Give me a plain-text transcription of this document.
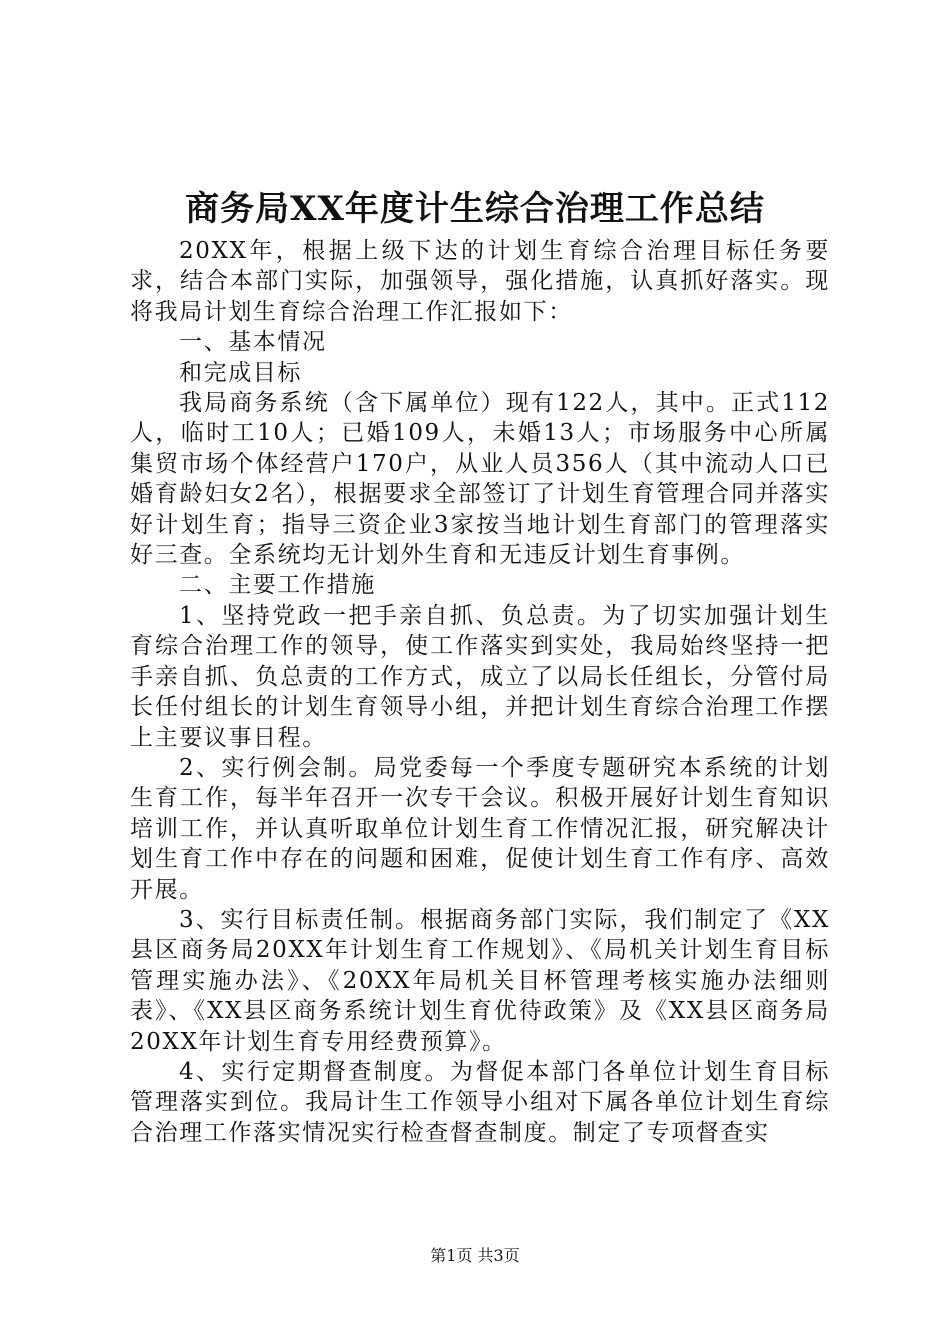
商务局XX年度计生综合治理工作总结

20XX年，根据上级下达的计划生育综合治理目标任务要求，结合本部门实际，加强领导，强化措施，认真抓好落实。现将我局计划生育综合治理工作汇报如下：

一、基本情况

和完成目标

我局商务系统（含下属单位）现有122人，其中。正式112人，临时工10人；已婚109人，未婚13人；市场服务中心所属集贸市场个体经营户170户，从业人员356人（其中流动人口已婚育龄妇女2名），根据要求全部签订了计划生育管理合同并落实好计划生育；指导三资企业3家按当地计划生育部门的管理落实好三查。全系统均无计划外生育和无违反计划生育事例。

二、主要工作措施

1、坚持党政一把手亲自抓、负总责。为了切实加强计划生育综合治理工作的领导，使工作落实到实处，我局始终坚持一把手亲自抓、负总责的工作方式，成立了以局长任组长，分管付局长任付组长的计划生育领导小组，并把计划生育综合治理工作摆上主要议事日程。

2、实行例会制。局党委每一个季度专题研究本系统的计划生育工作，每半年召开一次专干会议。积极开展好计划生育知识培训工作，并认真听取单位计划生育工作情况汇报，研究解决计划生育工作中存在的问题和困难，促使计划生育工作有序、高效开展。

3、实行目标责任制。根据商务部门实际，我们制定了《XX县区商务局20XX年计划生育工作规划》、《局机关计划生育目标管理实施办法》、《20XX年局机关目杯管理考核实施办法细则表》、《XX县区商务系统计划生育优待政策》及《XX县区商务局20XX年计划生育专用经费预算》。

4、实行定期督查制度。为督促本部门各单位计划生育目标管理落实到位。我局计生工作领导小组对下属各单位计划生育综合治理工作落实情况实行检查督查制度。制定了专项督查实

第1页 共3页
